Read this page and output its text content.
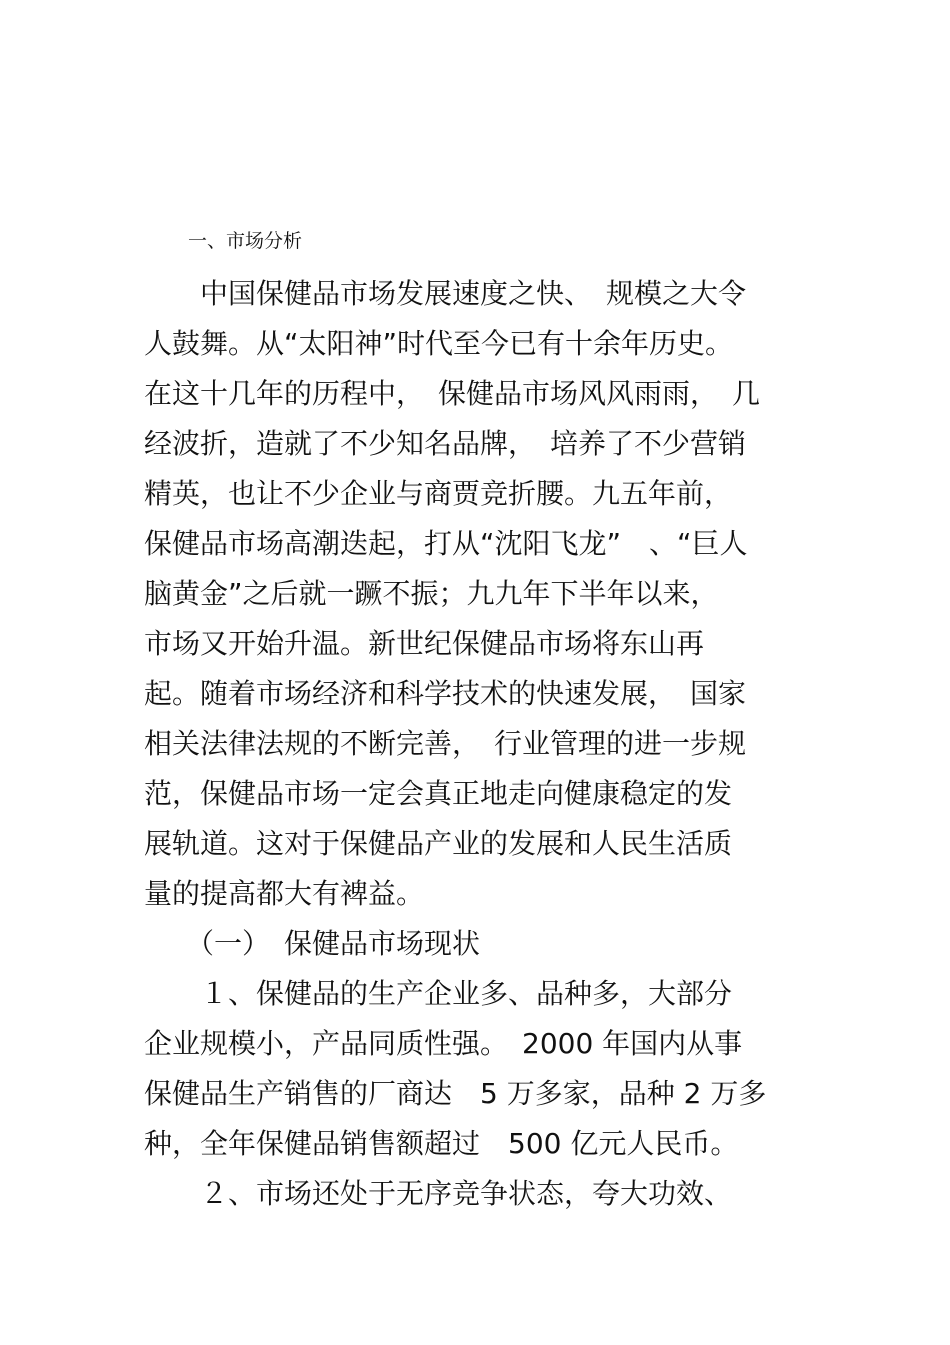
一、市场分析
　　中国保健品市场发展速度之快、　规模之大令
人鼓舞。从“太阳神”时代至今已有十余年历史。
在这十几年的历程中，　保健品市场风风雨雨，　几
经波折，造就了不少知名品牌，　培养了不少营销
精英，也让不少企业与商贾竞折腰。九五年前，
保健品市场高潮迭起，打从“沈阳飞龙”　、“巨人
脑黄金”之后就一蹶不振；九九年下半年以来，
市场又开始升温。新世纪保健品市场将东山再
起。随着市场经济和科学技术的快速发展，　国家
相关法律法规的不断完善，　行业管理的进一步规
范，保健品市场一定会真正地走向健康稳定的发
展轨道。这对于保健品产业的发展和人民生活质
量的提高都大有裨益。
　　（一）　保健品市场现状
　　１、保健品的生产企业多、品种多，大部分
企业规模小，产品同质性强。　2000 年国内从事
保健品生产销售的厂商达　5 万多家，品种 2 万多
种，全年保健品销售额超过　500 亿元人民币。
　　２、市场还处于无序竞争状态，夸大功效、
